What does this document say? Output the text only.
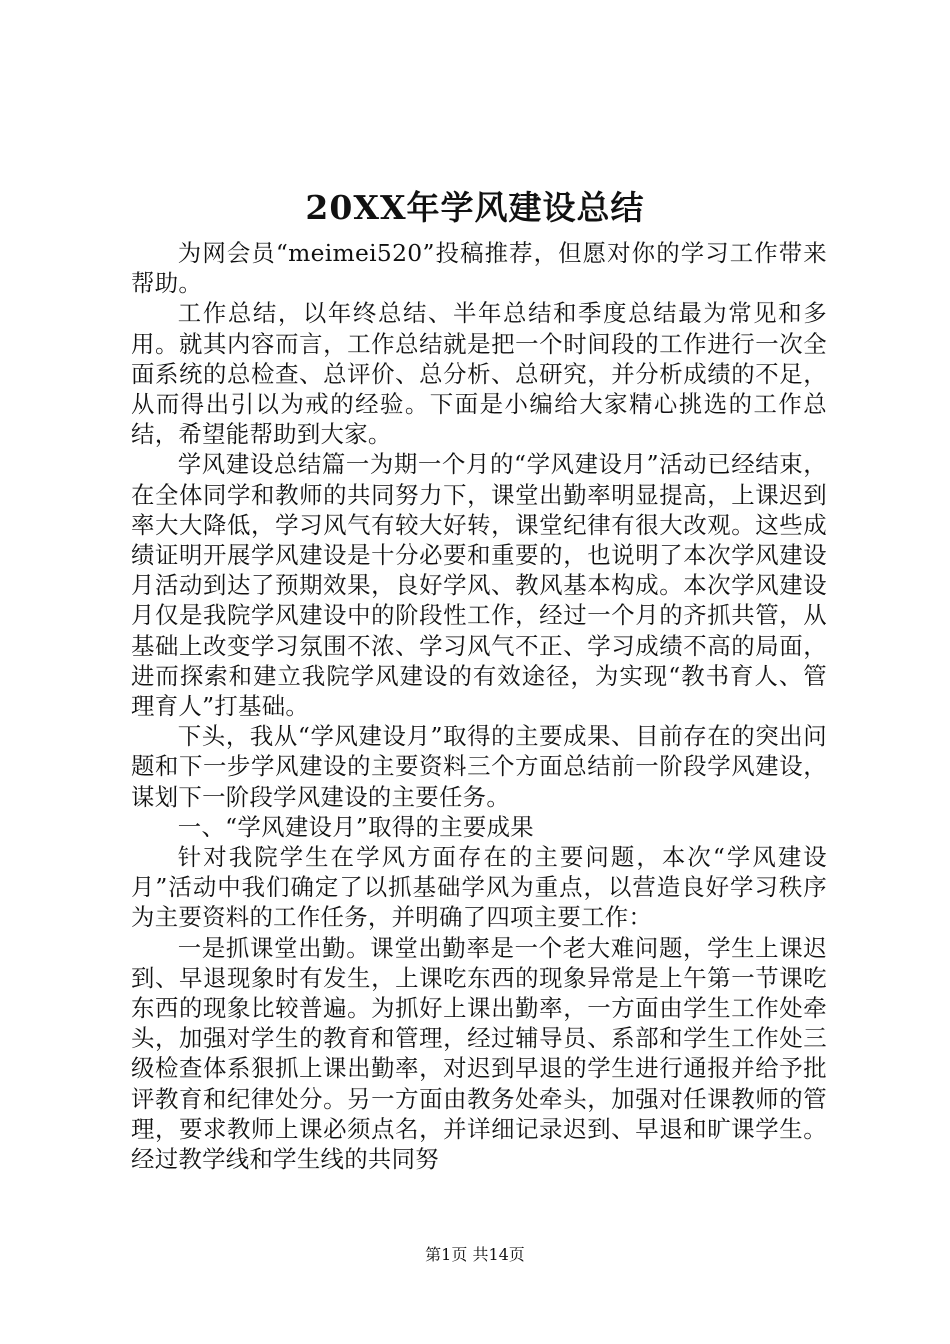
20XX年学风建设总结

为网会员“meimei520”投稿推荐，但愿对你的学习工作带来帮助。

工作总结，以年终总结、半年总结和季度总结最为常见和多用。就其内容而言，工作总结就是把一个时间段的工作进行一次全面系统的总检查、总评价、总分析、总研究，并分析成绩的不足，从而得出引以为戒的经验。下面是小编给大家精心挑选的工作总结，希望能帮助到大家。

学风建设总结篇一为期一个月的“学风建设月”活动已经结束，在全体同学和教师的共同努力下，课堂出勤率明显提高，上课迟到率大大降低，学习风气有较大好转，课堂纪律有很大改观。这些成绩证明开展学风建设是十分必要和重要的，也说明了本次学风建设月活动到达了预期效果，良好学风、教风基本构成。本次学风建设月仅是我院学风建设中的阶段性工作，经过一个月的齐抓共管，从基础上改变学习氛围不浓、学习风气不正、学习成绩不高的局面，进而探索和建立我院学风建设的有效途径，为实现“教书育人、管理育人”打基础。

下头，我从“学风建设月”取得的主要成果、目前存在的突出问题和下一步学风建设的主要资料三个方面总结前一阶段学风建设，谋划下一阶段学风建设的主要任务。

一、“学风建设月”取得的主要成果

针对我院学生在学风方面存在的主要问题，本次“学风建设月”活动中我们确定了以抓基础学风为重点，以营造良好学习秩序为主要资料的工作任务，并明确了四项主要工作：

一是抓课堂出勤。课堂出勤率是一个老大难问题，学生上课迟到、早退现象时有发生，上课吃东西的现象异常是上午第一节课吃东西的现象比较普遍。为抓好上课出勤率，一方面由学生工作处牵头，加强对学生的教育和管理，经过辅导员、系部和学生工作处三级检查体系狠抓上课出勤率，对迟到早退的学生进行通报并给予批评教育和纪律处分。另一方面由教务处牵头，加强对任课教师的管理，要求教师上课必须点名，并详细记录迟到、早退和旷课学生。经过教学线和学生线的共同努

第1页 共14页
